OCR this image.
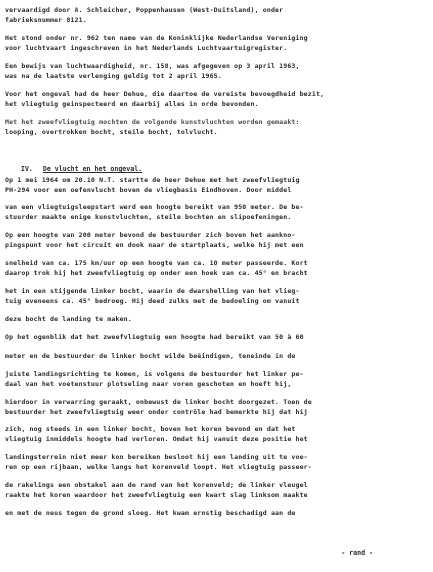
vervaardigd door A. Schleicher, Poppenhausen (West-Duitsland), onder
fabrieksnummer 8121.
Het stond onder nr. 962 ten name van de Koninklijke Nederlandse Vereniging
voor luchtvaart ingeschreven in het Nederlands Luchtvaartuigregister.
Een bewijs van luchtwaardigheid, nr. 158, was afgegeven op 3 april 1963,
was na de laatste verlenging geldig tot 2 april 1965.
Voor het ongeval had de heer Dehue, die daartoe de vereiste bevoegdheid bezit,
het vliegtuig geinspecteerd en daarbij alles in orde bevonden.
Met het zweefvliegtuig mochten de volgende kunstvluchten worden gemaakt:
looping, overtrokken bocht, steile bocht, tolvlucht.

IV. De vlucht en het ongeval.

Op 1 mei 1964 om 20.10 N.T. startte de heer Dehue met het zweefvliegtuig
PH-294 voor een oefenvlucht boven de vliegbasis Eindhoven. Door middel
van een vliegtuigsleepstart werd een hoogte bereikt van 950 meter. De be-
stuurder maakte enige kunstvluchten, steile bochten en slipoefeningen.
Op een hoogte van 200 meter bevond de bestuurder zich boven het aankno-
pingspunt voor het circuit en dook naar de startplaats, welke hij met een
snelheid van ca. 175 km/uur op een hoogte van ca. 10 meter passeerde. Kort
daarop trok hij het zweefvliegtuig op onder een hoek van ca. 45° en bracht
het in een stijgende linker bocht, waarin de dwarshelling van het vlieg-
tuig eveneens ca. 45° bedroeg. Hij deed zulks met de bedoeling om vanuit
deze bocht de landing te maken.
Op het ogenblik dat het zweefvliegtuig een hoogte had bereikt van 50 à 60
meter en de bestuurder de linker bocht wilde beëindigen, teneinde in de
juiste landingsrichting te komen, is volgens de bestuurder het linker pe-
daal van het voetenstuur plotseling naar voren geschoten en hoeft hij,
hierdoor in verwarring geraakt, onbewust de linker bocht doorgezet. Toen de
bestuurder het zweefvliegtuig weer onder contrôle had bemerkte hij dat hij
zich, nog steeds in een linker bocht, boven het koren bevond en dat het
vliegtuig inmiddels hoogte had verloren. Omdat hij vanuit deze positie het
landingsterrein niet meer kon bereiken besloot hij een landing uit te voe-
ren op een rijbaan, welke langs het korenveld loopt. Het vliegtuig passeer-
de rakelings een obstakel aan de rand van het korenveld; de linker vleugel
raakte het koren waardoor het zweefvliegtuig een kwart slag linksom maakte
en met de neus tegen de grond sloeg. Het kwam ernstig beschadigd aan de
- rand -
